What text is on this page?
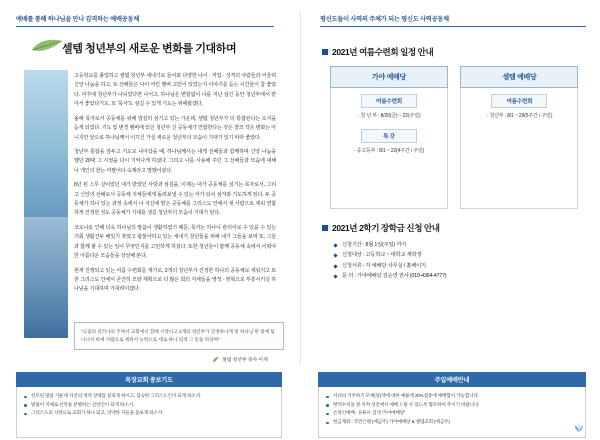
예배를 통해 하나님을 만나 감격하는 예배공동체	평신도들이 사역의 주체가 되는 평신도 사역공동체
셀템 청년부의 새로운 변화를 기대하며

고등학교를 졸업하고 셀템 청년부 새내기로 들어와 다양한 나이 · 직업 · 성격의 사람들과 어울려 신앙 나눔을 하고, 또 선배들은 나이 어린 멤버 고민이 있었는지 이야기를 듣는 시간들이 참 좋았다. 여후에 청년부가 나뉘었다면 나서고, 하나님은 변함없이 나를 지난 섬긴 동안 청년부에서 받아서 좋았다기도, 또 '목자'도 섬길 수 있게 기도는 위해왔겠다.

올해 목자로서 공동체를 위해 열심히 섬기고 있는 가운데, 셀템 청년부가 더 통합된다는 소식을 듣게 되었다. 기도 및 변경 멤버에 있던 청년부 신 공동체가 연합한다는 것은 결코 작은 변화는 아니지만 앞으로 하나님께서 이끄신 가실 새로운 청년부의 모습이 기대가 있기 따라 좋았다.

청년부 통합을 앞두고 기도로 나아갔을 때, 하나님께서는 내게 선배들과 함께하며 신앙 나눔을 했던 20대 그 시절을 다시 기억나게 하셨다. 그리고 나를 사용해 주던 그 선배들과 모습에 대해 나 개인의 한는 여짤어다 숙제라고 말했어셨다.

8년 된 스무 살이었던 내가 받았던 사랑과 섬김을, 이제는 내가 공동체를 섬기는 목자로서, 그리고 신앙의 선배로서 공동체 지체들에게 돌려보낼 수 있는 자가 되어 섬겨와 기도하게 된다. 두 공동체가 하나 있는 과정 속에서 나 자신에 맡은 공동체를 그리스도 안에서 새 사람으로 세워 연합하게 진정한 성도 공동체가 기대를 생길 청년부의 모습이 기대가 된다.

코로나로 인해 더욱 하나님의 말씀이 생활하였기 때문, 목자는 하나니 관리이로 수 있을 수 있는 기회 생활건두 배있기 찾았고 합물아하고 있는 새내기 청년들을 위해 내가 그들을 보며 또, 그들과 함께 할 수 있는 일이 무엇인지를 고민하게 하셨다. 또한 청년들이 함께 공동체 속에서 이뤄야한 아름다운 모습들을 상상해 본다.

현재 진행되고 있는 여름 수련회를 계기로, 2개의 청년부가 진정한 하나의 공동체로 세워지고 또한 그리스도 안에서 굳건히 모양 계획으로 더 많은 회의 지체들을 영적 · 영혁으로 부흥시키실 하나님을 기대하며 기대려이겠다.

"고침의 길러나의 주께서 교회에서 할때 시작나고 2개의 성년부가 진정하나게 및 하나님 한 밖에 팀나니서 바에 사람으로 세워서 능력으로 세로 하나 되게 그 믿을 바라며"
셀템 청년부 목자 이재
2021년 여름수련회 일정 안내
가야 예배당
여름수련회
· 청 년 부 : 8/20(금) ~ 22(주일)
특 강
· 중고등부 : 8/1 ~ 22(4주간 / 주일)

셀템 예배당
여름수련회
· 청년부 : 8/1 ~ 29(5주간 / 주일)
2021년 2학기 장학금 신청 안내
신청기간 : 8월 1일(주일) 까지
신청대상 : 고등학교 ~ 대학교 재학생
신청서류 : 각 예배당 사무실 / 홈페이지
문 의 : 가야예배당 김순연 권사 (010-4364-4777)
목장교회 중보기도
선포된 말씀 가운데 자신의 영적 상태를 살피게 하시고, 섬숙한 그리스도인이 되게 하소서.
말씀이 지체로 선악을 분별하는 신앙인이 되게 하소서.
그리스도의 사랑으로 교회가 하나 되고, 연약한 자들을 돌보게 하소서.
주일예배안내
자녀의 거주하기 모에(당)액에 대한 예물에 20%집중에 예배함이 가능합니다.
방역수칙을 잘 지켜 성전에서 예배 드릴 수 있도록 협조하여 주시기 바랍니다.
온라인예배 : 유튜브 검색 '가야예배당'
헌금계좌 : 국민은행 (예금주) 가야예배당 & 셀템교회 (예금주)
